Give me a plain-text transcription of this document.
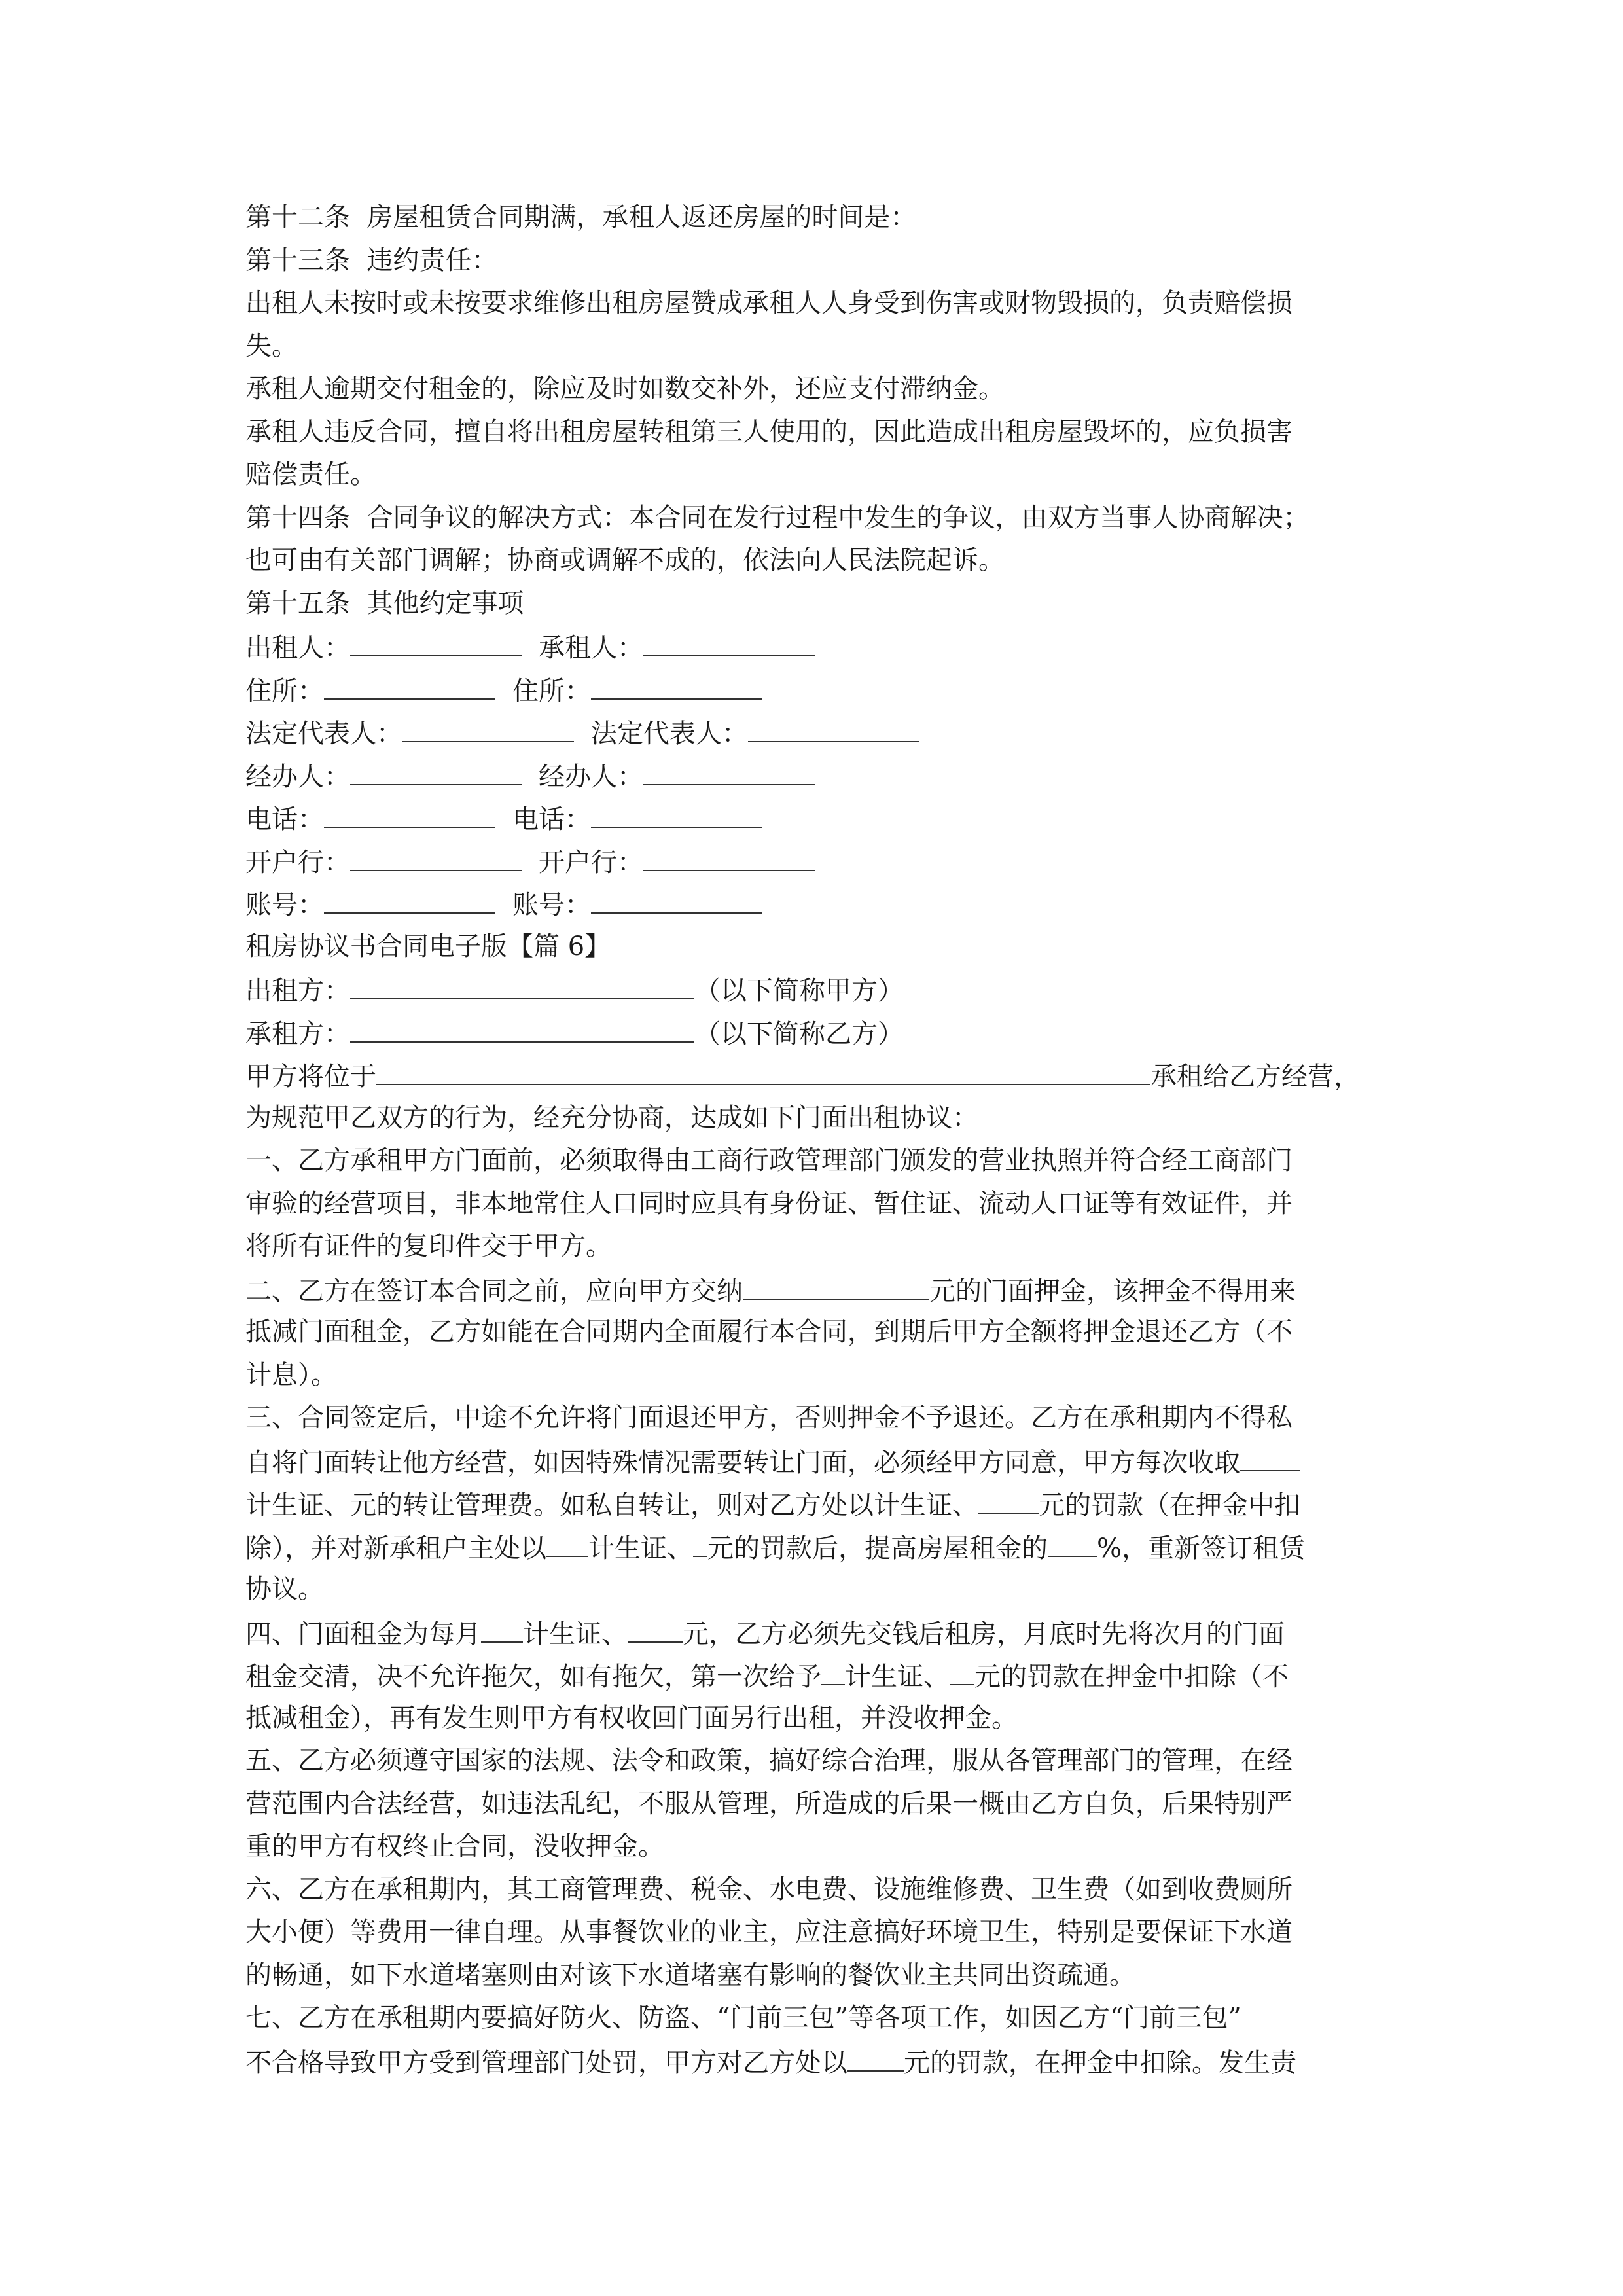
第十二条  房屋租赁合同期满，承租人返还房屋的时间是：
第十三条  违约责任：
出租人未按时或未按要求维修出租房屋赞成承租人人身受到伤害或财物毁损的，负责赔偿损
失。
承租人逾期交付租金的，除应及时如数交补外，还应支付滞纳金。
承租人违反合同，擅自将出租房屋转租第三人使用的，因此造成出租房屋毁坏的，应负损害
赔偿责任。
第十四条  合同争议的解决方式：本合同在发行过程中发生的争议，由双方当事人协商解决；
也可由有关部门调解；协商或调解不成的，依法向人民法院起诉。
第十五条  其他约定事项
出租人：	承租人：
住所：	住所：
法定代表人：	法定代表人：
经办人：	经办人：
电话：	电话：
开户行：	开户行：
账号：	账号：
租房协议书合同电子版【篇 6】
出租方：	（以下简称甲方）
承租方：	（以下简称乙方）
甲方将位于	承租给乙方经营，
为规范甲乙双方的行为，经充分协商，达成如下门面出租协议：
一、乙方承租甲方门面前，必须取得由工商行政管理部门颁发的营业执照并符合经工商部门
审验的经营项目，非本地常住人口同时应具有身份证、暂住证、流动人口证等有效证件，并
将所有证件的复印件交于甲方。
二、乙方在签订本合同之前，应向甲方交纳	元的门面押金，该押金不得用来
抵减门面租金，乙方如能在合同期内全面履行本合同，到期后甲方全额将押金退还乙方（不
计息）。
三、合同签定后，中途不允许将门面退还甲方，否则押金不予退还。乙方在承租期内不得私
自将门面转让他方经营，如因特殊情况需要转让门面，必须经甲方同意，甲方每次收取
计生证、元的转让管理费。如私自转让，则对乙方处以计生证、 元的罚款（在押金中扣
除），并对新承租户主处以 计生证、 元的罚款后，提高房屋租金的 %，重新签订租赁
协议。
四、门面租金为每月 计生证、 元，乙方必须先交钱后租房，月底时先将次月的门面
租金交清，决不允许拖欠，如有拖欠，第一次给予 计生证、 元的罚款在押金中扣除（不
抵减租金），再有发生则甲方有权收回门面另行出租，并没收押金。
五、乙方必须遵守国家的法规、法令和政策，搞好综合治理，服从各管理部门的管理，在经
营范围内合法经营，如违法乱纪，不服从管理，所造成的后果一概由乙方自负，后果特别严
重的甲方有权终止合同，没收押金。
六、乙方在承租期内，其工商管理费、税金、水电费、设施维修费、卫生费（如到收费厕所
大小便）等费用一律自理。从事餐饮业的业主，应注意搞好环境卫生，特别是要保证下水道
的畅通，如下水道堵塞则由对该下水道堵塞有影响的餐饮业主共同出资疏通。
七、乙方在承租期内要搞好防火、防盗、“门前三包”等各项工作，如因乙方“门前三包”
不合格导致甲方受到管理部门处罚，甲方对乙方处以 元的罚款，在押金中扣除。发生责
